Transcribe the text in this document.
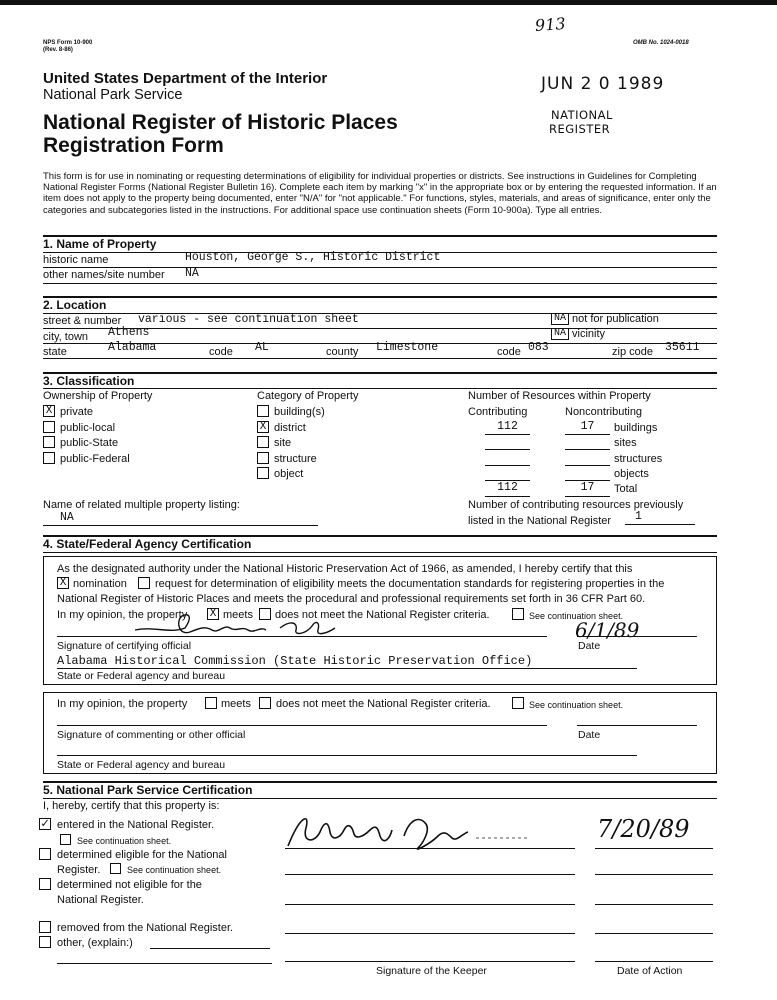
NPS Form 10-900
(Rev. 8-86)
OMB No. 1024-0018
913
United States Department of the Interior
National Park Service
National Register of Historic Places
Registration Form
JUN 2 0 1989
NATIONAL
REGISTER
This form is for use in nominating or requesting determinations of eligibility for individual properties or districts. See instructions in Guidelines for Completing National Register Forms (National Register Bulletin 16). Complete each item by marking "x" in the appropriate box or by entering the requested information. If an item does not apply to the property being documented, enter "N/A" for "not applicable." For functions, styles, materials, and areas of significance, enter only the categories and subcategories listed in the instructions. For additional space use continuation sheets (Form 10-900a). Type all entries.
1. Name of Property
historic name	Houston, George S., Historic District
other names/site number NA
2. Location
street & number various - see continuation sheet	NA not for publication
city, town Athens	NA vicinity
state	Alabama	code AL	county Limestone	code 083	zip code 35611
3. Classification
Ownership of Property
X private
public-local
public-State
public-Federal
Category of Property
building(s)
X district
site
structure
object
Number of Resources within Property
Contributing	Noncontributing
112	17	buildings
sites
structures
objects
112	17	Total
Name of related multiple property listing:
NA
Number of contributing resources previously
listed in the National Register 1
4. State/Federal Agency Certification
As the designated authority under the National Historic Preservation Act of 1966, as amended, I hereby certify that this
X nomination	request for determination of eligibility meets the documentation standards for registering properties in the
National Register of Historic Places and meets the procedural and professional requirements set forth in 36 CFR Part 60.
In my opinion, the property X meets does not meet the National Register criteria.	See continuation sheet.
6/1/89
Signature of certifying official	Date
Alabama Historical Commission (State Historic Preservation Office)
State or Federal agency and bureau
In my opinion, the property	meets does not meet the National Register criteria.	See continuation sheet.
Signature of commenting or other official	Date
State or Federal agency and bureau
5. National Park Service Certification
I, hereby, certify that this property is:
✓ entered in the National Register.
See continuation sheet.
determined eligible for the National
Register.	See continuation sheet.
determined not eligible for the
National Register.
removed from the National Register.
other, (explain:)
7/20/89
Signature of the Keeper	Date of Action
